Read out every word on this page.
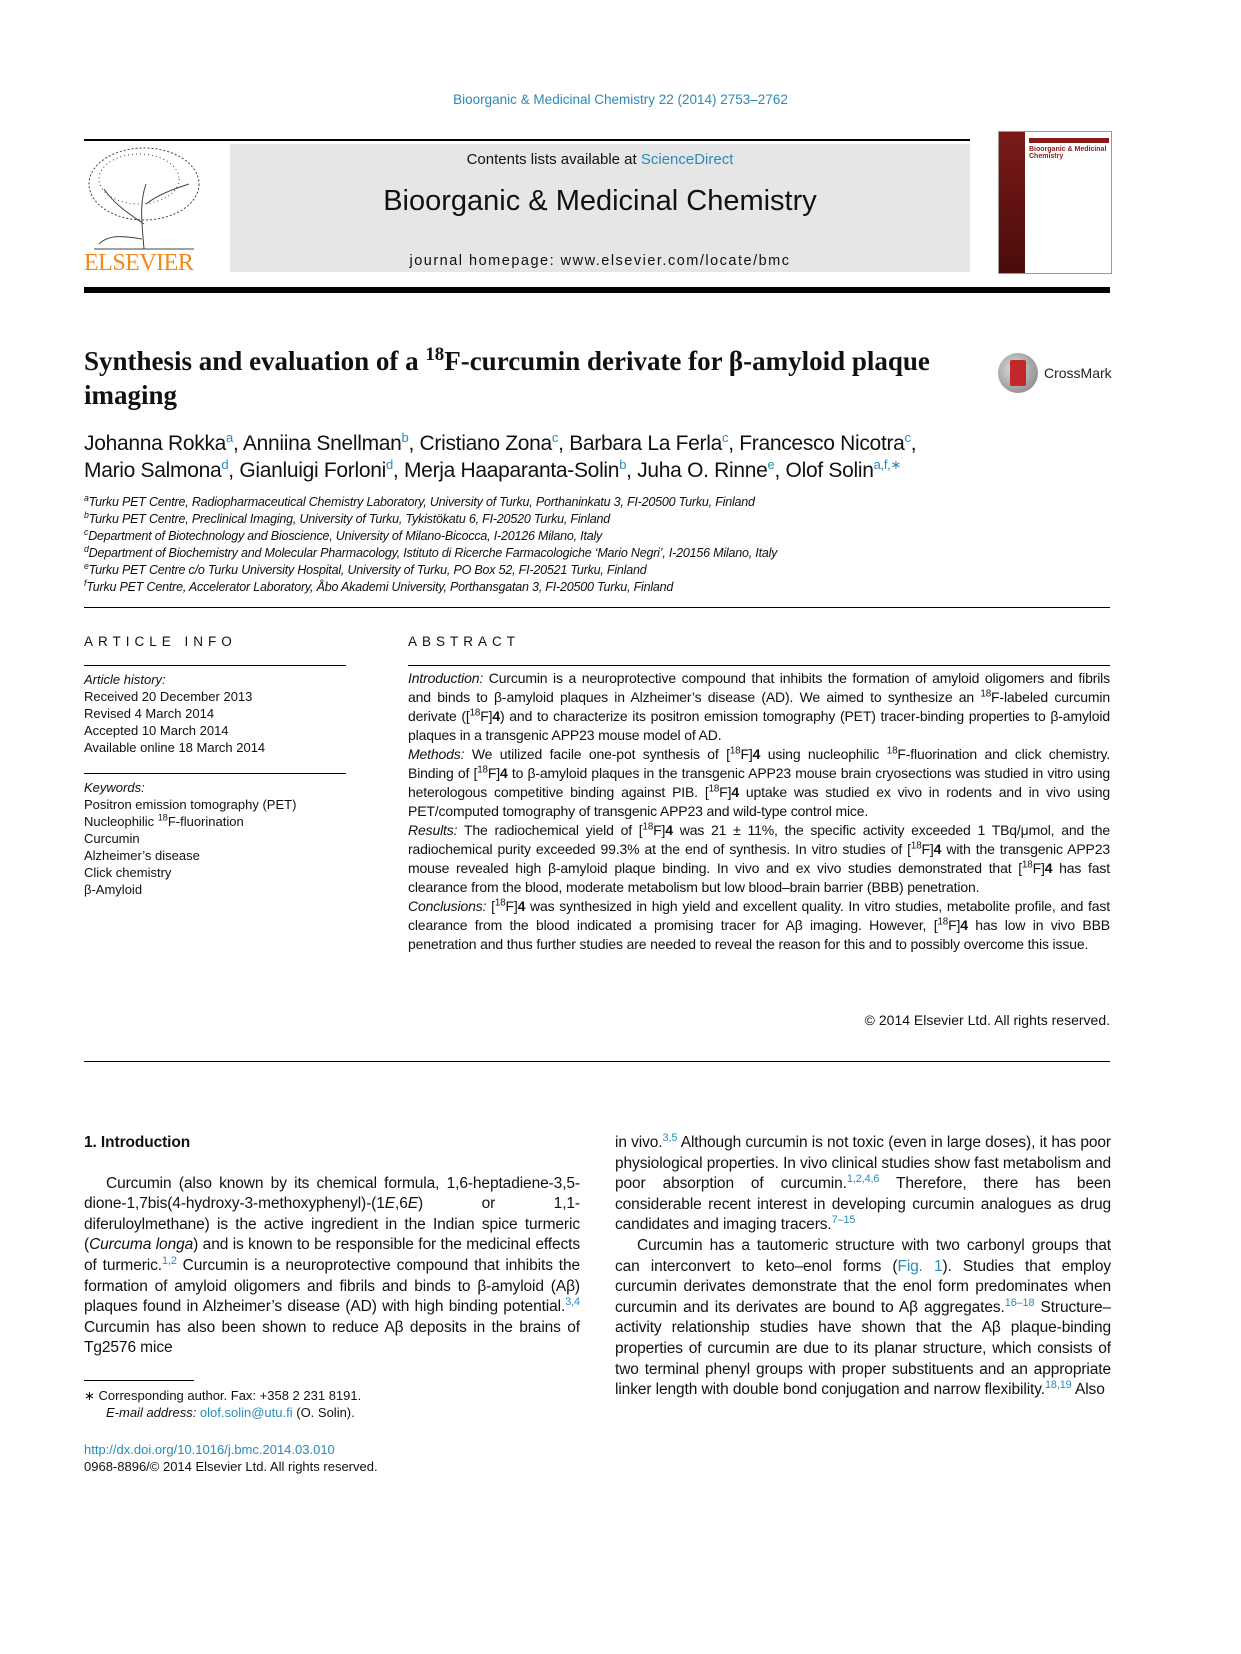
Bioorganic & Medicinal Chemistry 22 (2014) 2753–2762
ELSEVIER
Contents lists available at ScienceDirect
Bioorganic & Medicinal Chemistry
journal homepage: www.elsevier.com/locate/bmc
Bioorganic & Medicinal Chemistry
Synthesis and evaluation of a $^{18}$F-curcumin derivate for β-amyloid plaque imaging
CrossMark
Johanna Rokka$^a$, Anniina Snellman$^b$, Cristiano Zona$^c$, Barbara La Ferla$^c$, Francesco Nicotra$^c$,
Mario Salmona$^d$, Gianluigi Forloni$^d$, Merja Haaparanta-Solin$^b$, Juha O. Rinne$^e$, Olof Solin$^{a,f,∗}$
$^a$Turku PET Centre, Radiopharmaceutical Chemistry Laboratory, University of Turku, Porthaninkatu 3, FI-20500 Turku, Finland
$^b$Turku PET Centre, Preclinical Imaging, University of Turku, Tykistökatu 6, FI-20520 Turku, Finland
$^c$Department of Biotechnology and Bioscience, University of Milano-Bicocca, I-20126 Milano, Italy
$^d$Department of Biochemistry and Molecular Pharmacology, Istituto di Ricerche Farmacologiche ‘Mario Negri’, I-20156 Milano, Italy
$^e$Turku PET Centre c/o Turku University Hospital, University of Turku, PO Box 52, FI-20521 Turku, Finland
$^f$Turku PET Centre, Accelerator Laboratory, Åbo Akademi University, Porthansgatan 3, FI-20500 Turku, Finland
ARTICLE INFO
Article history:
Received 20 December 2013
Revised 4 March 2014
Accepted 10 March 2014
Available online 18 March 2014
Keywords:
Positron emission tomography (PET)
Nucleophilic $^{18}$F-fluorination
Curcumin
Alzheimer’s disease
Click chemistry
β-Amyloid
ABSTRACT

Introduction: Curcumin is a neuroprotective compound that inhibits the formation of amyloid oligomers and fibrils and binds to β-amyloid plaques in Alzheimer’s disease (AD). We aimed to synthesize an $^{18}$F-labeled curcumin derivate ([$^{18}$F]4) and to characterize its positron emission tomography (PET) tracer-binding properties to β-amyloid plaques in a transgenic APP23 mouse model of AD.

Methods: We utilized facile one-pot synthesis of [$^{18}$F]4 using nucleophilic $^{18}$F-fluorination and click chemistry. Binding of [$^{18}$F]4 to β-amyloid plaques in the transgenic APP23 mouse brain cryosections was studied in vitro using heterologous competitive binding against PIB. [$^{18}$F]4 uptake was studied ex vivo in rodents and in vivo using PET/computed tomography of transgenic APP23 and wild-type control mice.

Results: The radiochemical yield of [$^{18}$F]4 was 21 ± 11%, the specific activity exceeded 1 TBq/μmol, and the radiochemical purity exceeded 99.3% at the end of synthesis. In vitro studies of [$^{18}$F]4 with the transgenic APP23 mouse revealed high β-amyloid plaque binding. In vivo and ex vivo studies demonstrated that [$^{18}$F]4 has fast clearance from the blood, moderate metabolism but low blood–brain barrier (BBB) penetration.

Conclusions: [$^{18}$F]4 was synthesized in high yield and excellent quality. In vitro studies, metabolite profile, and fast clearance from the blood indicated a promising tracer for Aβ imaging. However, [$^{18}$F]4 has low in vivo BBB penetration and thus further studies are needed to reveal the reason for this and to possibly overcome this issue.

© 2014 Elsevier Ltd. All rights reserved.
1. Introduction

Curcumin (also known by its chemical formula, 1,6-heptadiene-3,5-dione-1,7bis(4-hydroxy-3-methoxyphenyl)-(1E,6E) or 1,1-diferuloylmethane) is the active ingredient in the Indian spice turmeric (Curcuma longa) and is known to be responsible for the medicinal effects of turmeric.$^{1,2}$ Curcumin is a neuroprotective compound that inhibits the formation of amyloid oligomers and fibrils and binds to β-amyloid (Aβ) plaques found in Alzheimer’s disease (AD) with high binding potential.$^{3,4}$ Curcumin has also been shown to reduce Aβ deposits in the brains of Tg2576 mice

in vivo.$^{3,5}$ Although curcumin is not toxic (even in large doses), it has poor physiological properties. In vivo clinical studies show fast metabolism and poor absorption of curcumin.$^{1,2,4,6}$ Therefore, there has been considerable recent interest in developing curcumin analogues as drug candidates and imaging tracers.$^{7-15}$

Curcumin has a tautomeric structure with two carbonyl groups that can interconvert to keto–enol forms (Fig. 1). Studies that employ curcumin derivates demonstrate that the enol form predominates when curcumin and its derivates are bound to Aβ aggregates.$^{16-18}$ Structure–activity relationship studies have shown that the Aβ plaque-binding properties of curcumin are due to its planar structure, which consists of two terminal phenyl groups with proper substituents and an appropriate linker length with double bond conjugation and narrow flexibility.$^{18,19}$ Also

∗ Corresponding author. Fax: +358 2 231 8191.
E-mail address: olof.solin@utu.fi (O. Solin).
http://dx.doi.org/10.1016/j.bmc.2014.03.010
0968-8896/© 2014 Elsevier Ltd. All rights reserved.
